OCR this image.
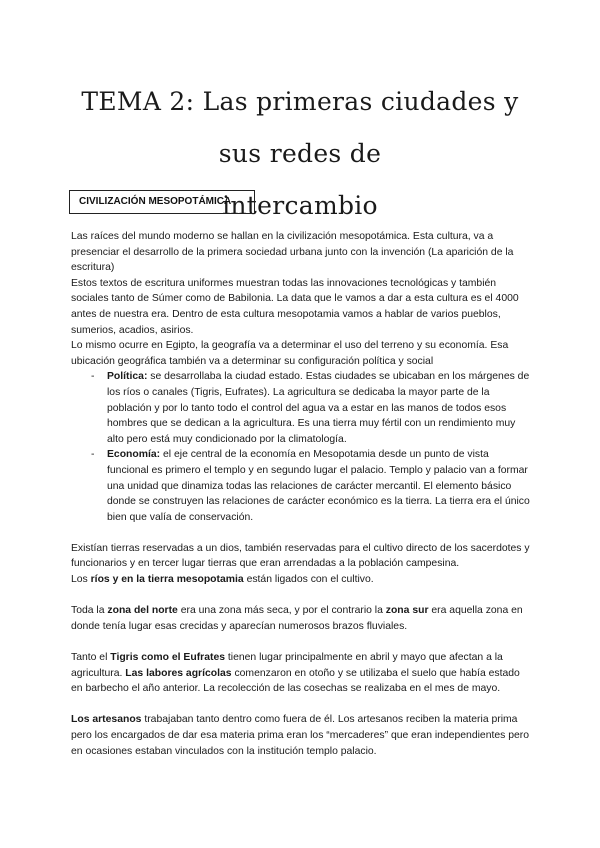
TEMA 2: Las primeras ciudades y sus redes de
intercambio
CIVILIZACIÓN MESOPOTÁMICA

Las raíces del mundo moderno se hallan en la civilización mesopotámica. Esta cultura, va a presenciar el desarrollo de la primera sociedad urbana junto con la invención (La aparición de la escritura)

Estos textos de escritura uniformes muestran todas las innovaciones tecnológicas y también sociales tanto de Súmer como de Babilonia. La data que le vamos a dar a esta cultura es el 4000 antes de nuestra era. Dentro de esta cultura mesopotamia vamos a hablar de varios pueblos, sumerios, acadios, asirios.

Lo mismo ocurre en Egipto, la geografía va a determinar el uso del terreno y su economía. Esa ubicación geográfica también va a determinar su configuración política y social

- Política: se desarrollaba la ciudad estado. Estas ciudades se ubicaban en los márgenes de los ríos o canales (Tigris, Eufrates). La agricultura se dedicaba la mayor parte de la población y por lo tanto todo el control del agua va a estar en las manos de todos esos hombres que se dedican a la agricultura. Es una tierra muy fértil con un rendimiento muy alto pero está muy condicionado por la climatología.
- Economía: el eje central de la economía en Mesopotamia desde un punto de vista funcional es primero el templo y en segundo lugar el palacio. Templo y palacio van a formar una unidad que dinamiza todas las relaciones de carácter mercantil. El elemento básico donde se construyen las relaciones de carácter económico es la tierra. La tierra era el único bien que valía de conservación.

Existían tierras reservadas a un dios, también reservadas para el cultivo directo de los sacerdotes y funcionarios y en tercer lugar tierras que eran arrendadas a la población campesina.

Los ríos y en la tierra mesopotamia están ligados con el cultivo.

Toda la zona del norte era una zona más seca, y por el contrario la zona sur era aquella zona en donde tenía lugar esas crecidas y aparecían numerosos brazos fluviales.

Tanto el Tigris como el Eufrates tienen lugar principalmente en abril y mayo que afectan a la agricultura. Las labores agrícolas comenzaron en otoño y se utilizaba el suelo que había estado en barbecho el año anterior. La recolección de las cosechas se realizaba en el mes de mayo.

Los artesanos trabajaban tanto dentro como fuera de él. Los artesanos reciben la materia prima pero los encargados de dar esa materia prima eran los “mercaderes” que eran independientes pero en ocasiones estaban vinculados con la institución templo palacio.
